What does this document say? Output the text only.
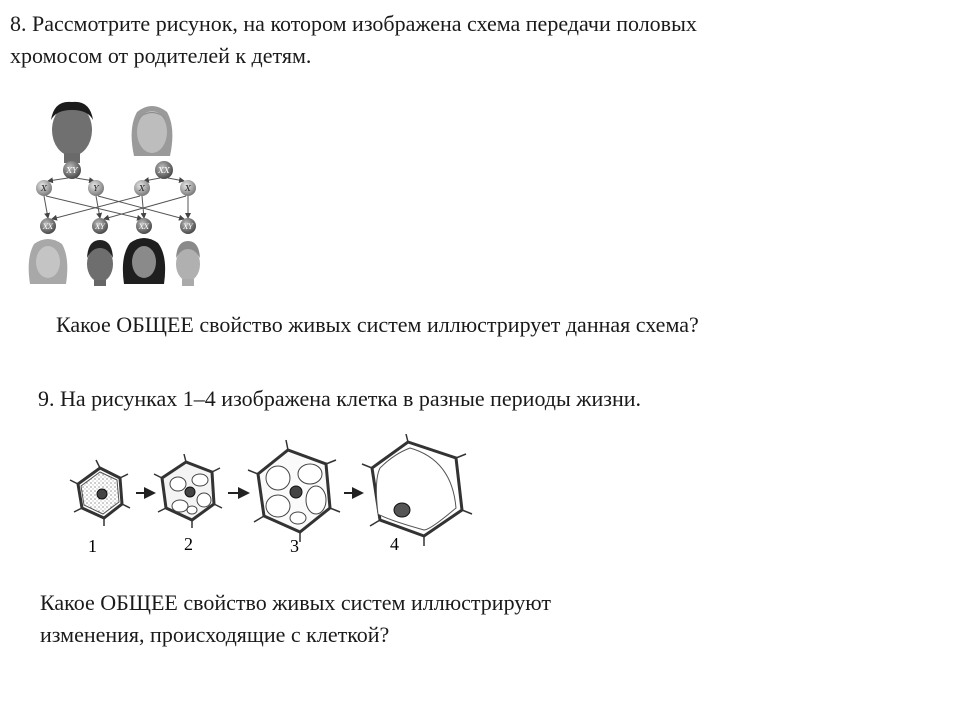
8. Рассмотрите рисунок, на котором изображена схема передачи половых
хромосом от родителей к детям.
XY	XX
X	Y	X	X
XX	XY	XX	XY
Какое ОБЩЕЕ свойство живых систем иллюстрирует данная схема?
9. На рисунках 1–4 изображена клетка в разные периоды жизни.
1	2	3	4
Какое ОБЩЕЕ свойство живых систем иллюстрируют
изменения, происходящие с клеткой?
